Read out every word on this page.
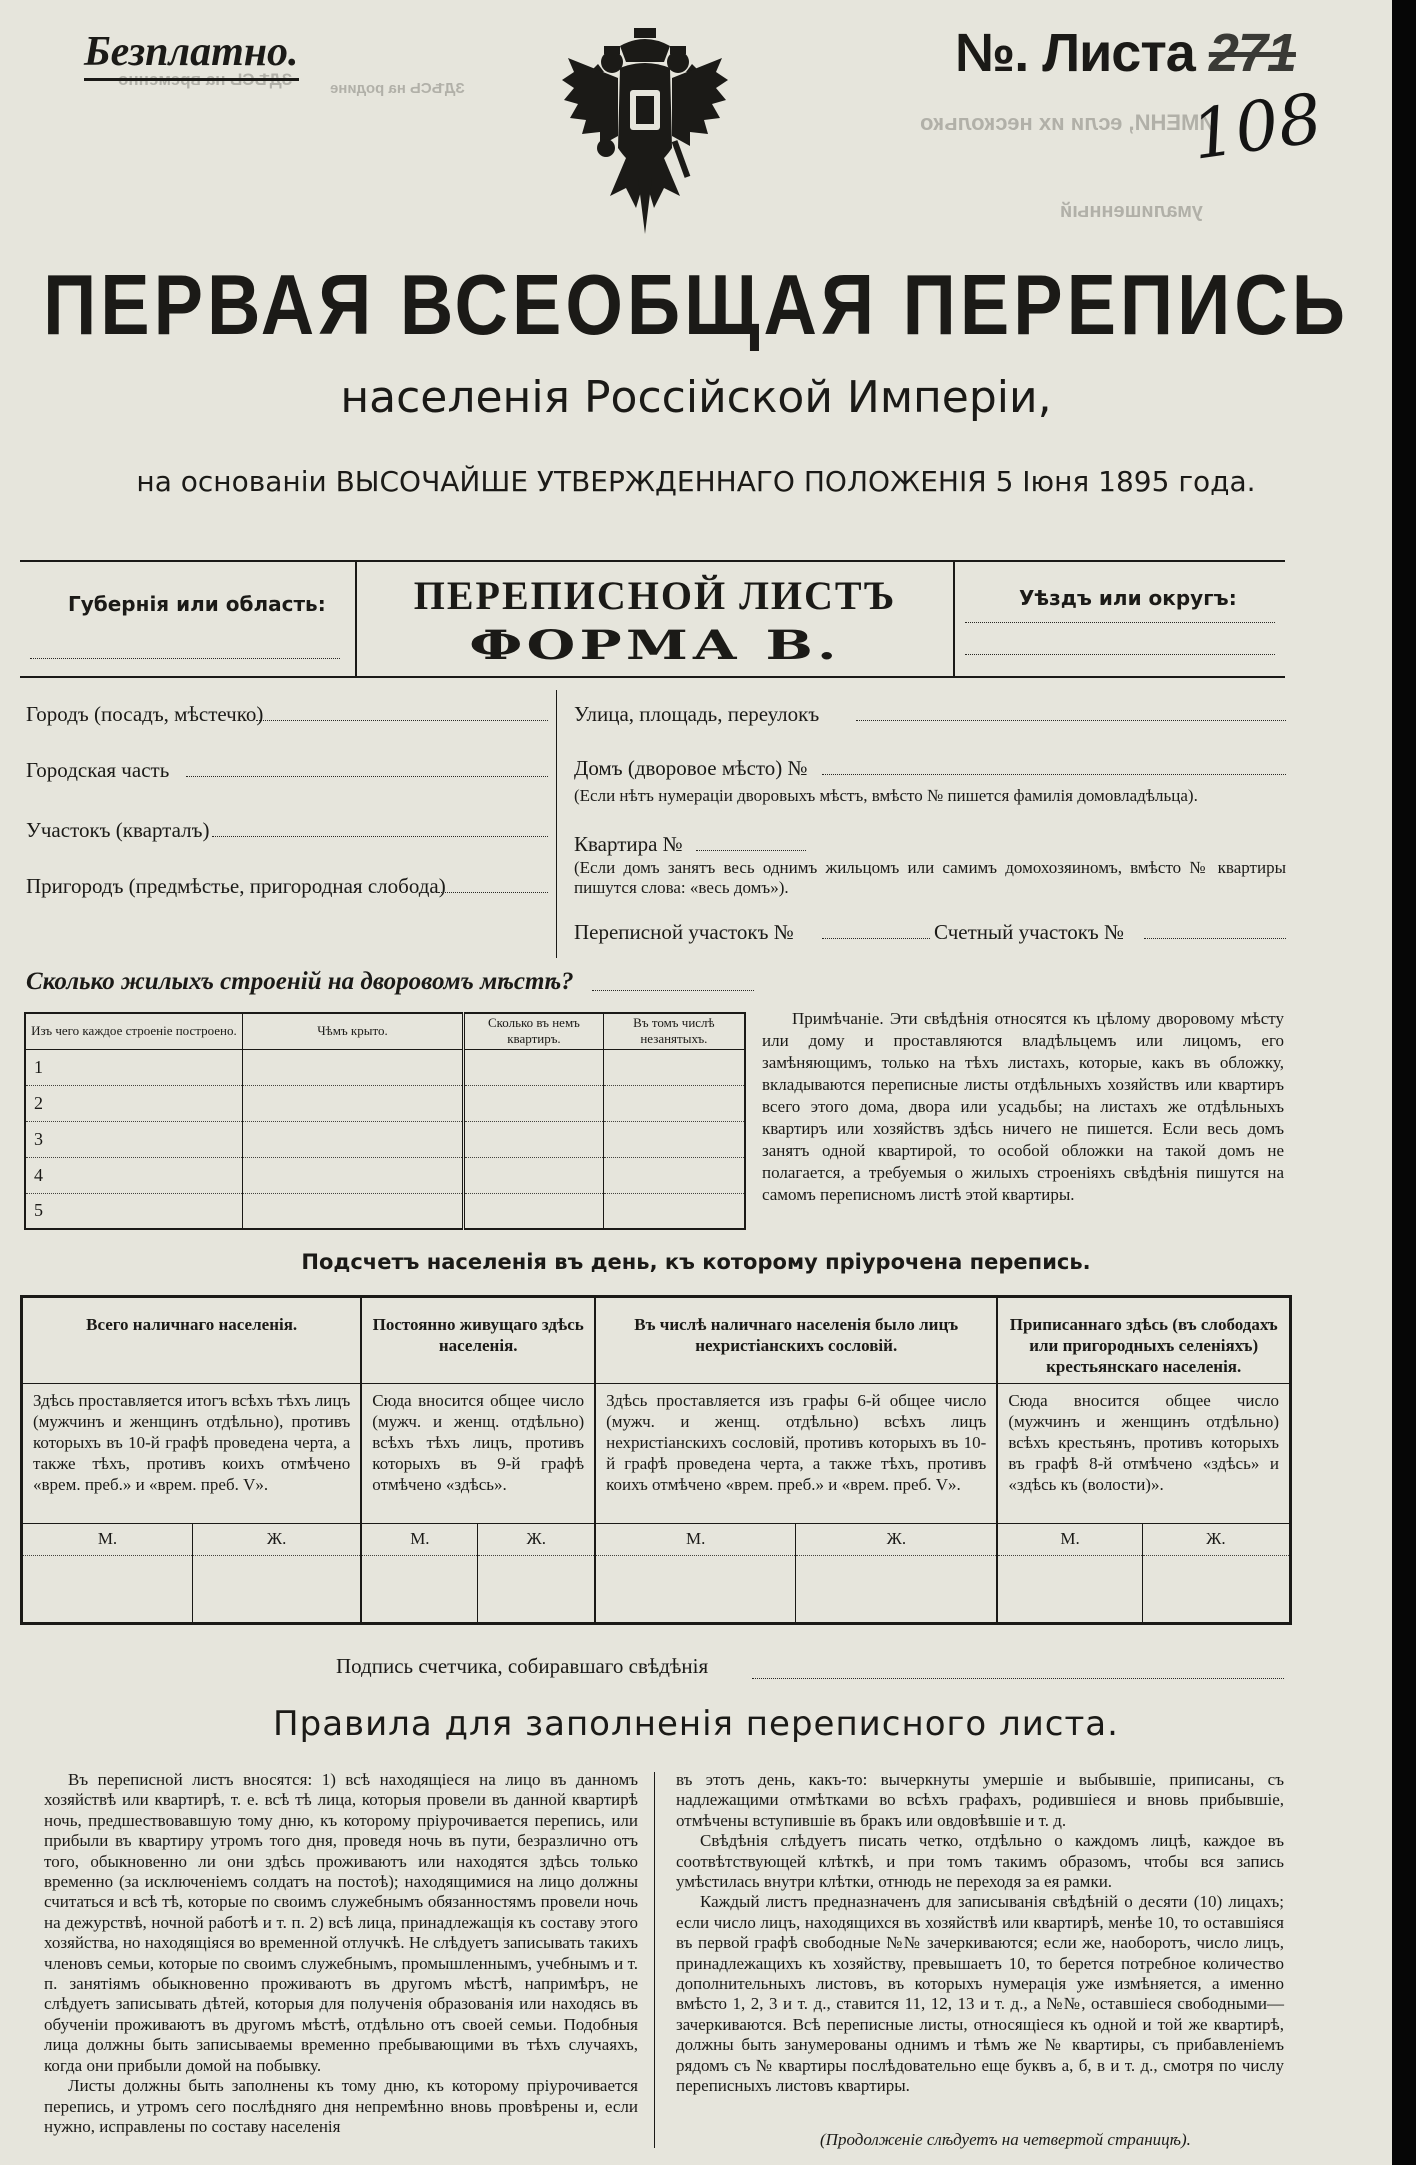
ЗДѢСЬ на временно	ЗДѢСЬ на родине
ИМЕНИ, если их несколько
умалишенный
Безплатно.	№. Листа 271
108
ПЕРВАЯ ВСЕОБЩАЯ ПЕРЕПИСЬ
населенія Россійской Имперіи,
на основаніи ВЫСОЧАЙШЕ УТВЕРЖДЕННАГО ПОЛОЖЕНІЯ 5 Іюня 1895 года.
Губернія или область:	ПЕРЕПИСНОЙ ЛИСТЪ
ФОРМА В.
Уѣздъ или округъ:
Городъ (посадъ, мѣстечко)
Городская часть
Участокъ (кварталъ)
Пригородъ (предмѣстье, пригородная слобода)
Улица, площадь, переулокъ
Домъ (дворовое мѣсто) №
(Если нѣтъ нумераціи дворовыхъ мѣстъ, вмѣсто № пишется фамилія домовладѣльца).
Квартира №
(Если домъ занятъ весь однимъ жильцомъ или самимъ домохозяиномъ, вмѣсто № квартиры пишутся слова: «весь домъ»).
Переписной участокъ №	Счетный участокъ №
Сколько жилыхъ строеній на дворовомъ мѣстѣ?
Изъ чего каждое строеніе построено.	Чѣмъ крыто.	Сколько въ немъ квартиръ.	Въ томъ числѣ незанятыхъ.
1			
2			
3			
4			
5			
Примѣчаніе. Эти свѣдѣнія относятся къ цѣлому дворовому мѣсту или дому и проставляются владѣльцемъ или лицомъ, его замѣняющимъ, только на тѣхъ листахъ, которые, какъ въ обложку, вкладываются переписные листы отдѣльныхъ хозяйствъ или квартиръ всего этого дома, двора или усадьбы; на листахъ же отдѣльныхъ квартиръ или хозяйствъ здѣсь ничего не пишется. Если весь домъ занятъ одной квартирой, то особой обложки на такой домъ не полагается, а требуемыя о жилыхъ строеніяхъ свѣдѣнія пишутся на самомъ переписномъ листѣ этой квартиры.
Подсчетъ населенія въ день, къ которому пріурочена перепись.
Всего наличнаго населенія.		Постоянно живущаго здѣсь населенія.		Въ числѣ наличнаго населенія было лицъ нехристіанскихъ сословій.		Приписаннаго здѣсь (въ слободахъ или пригородныхъ селеніяхъ) крестьянскаго населенія.	
Здѣсь проставляется итогъ всѣхъ тѣхъ лицъ (мужчинъ и женщинъ отдѣльно), противъ которыхъ въ 10-й графѣ проведена черта, а также тѣхъ, противъ коихъ отмѣчено «врем. преб.» и «врем. преб. V».		Сюда вносится общее число (мужч. и женщ. отдѣльно) всѣхъ тѣхъ лицъ, противъ которыхъ въ 9-й графѣ отмѣчено «здѣсь».		Здѣсь проставляется изъ графы 6-й общее число (мужч. и женщ. отдѣльно) всѣхъ лицъ нехристіанскихъ сословій, противъ которыхъ въ 10-й графѣ проведена черта, а также тѣхъ, противъ коихъ отмѣчено «врем. преб.» и «врем. преб. V».		Сюда вносится общее число (мужчинъ и женщинъ отдѣльно) всѣхъ крестьянъ, противъ которыхъ въ графѣ 8-й отмѣчено «здѣсь» и «здѣсь къ (волости)».	
М.	Ж.	М.	Ж.	М.	Ж.	М.	Ж.

Подпись счетчика, собиравшаго свѣдѣнія
Правила для заполненія переписного листа.

Въ переписной листъ вносятся: 1) всѣ находящіеся на лицо въ данномъ хозяйствѣ или квартирѣ, т. е. всѣ тѣ лица, которыя провели въ данной квартирѣ ночь, предшествовавшую тому дню, къ которому пріурочивается перепись, или прибыли въ квартиру утромъ того дня, проведя ночь въ пути, безразлично отъ того, обыкновенно ли они здѣсь проживаютъ или находятся здѣсь только временно (за исключеніемъ солдатъ на постоѣ); находящимися на лицо должны считаться и всѣ тѣ, которые по своимъ служебнымъ обязанностямъ провели ночь на дежурствѣ, ночной работѣ и т. п. 2) всѣ лица, принадлежащія къ составу этого хозяйства, но находящіяся во временной отлучкѣ. Не слѣдуетъ записывать такихъ членовъ семьи, которые по своимъ служебнымъ, промышленнымъ, учебнымъ и т. п. занятіямъ обыкновенно проживаютъ въ другомъ мѣстѣ, напримѣръ, не слѣдуетъ записывать дѣтей, которыя для полученія образованія или находясь въ обученіи проживаютъ въ другомъ мѣстѣ, отдѣльно отъ своей семьи. Подобныя лица должны быть записываемы временно пребывающими въ тѣхъ случаяхъ, когда они прибыли домой на побывку.

Листы должны быть заполнены къ тому дню, къ которому пріурочивается перепись, и утромъ сего послѣдняго дня непремѣнно вновь провѣрены и, если нужно, исправлены по составу населенія

въ этотъ день, какъ-то: вычеркнуты умершіе и выбывшіе, приписаны, съ надлежащими отмѣтками во всѣхъ графахъ, родившіеся и вновь прибывшіе, отмѣчены вступившіе въ бракъ или овдовѣвшіе и т. д.

Свѣдѣнія слѣдуетъ писать четко, отдѣльно о каждомъ лицѣ, каждое въ соотвѣтствующей клѣткѣ, и при томъ такимъ образомъ, чтобы вся запись умѣстилась внутри клѣтки, отнюдь не переходя за ея рамки.

Каждый листъ предназначенъ для записыванія свѣдѣній о десяти (10) лицахъ; если число лицъ, находящихся въ хозяйствѣ или квартирѣ, менѣе 10, то оставшіяся въ первой графѣ свободные №№ зачеркиваются; если же, наоборотъ, число лицъ, принадлежащихъ къ хозяйству, превышаетъ 10, то берется потребное количество дополнительныхъ листовъ, въ которыхъ нумерація уже измѣняется, а именно вмѣсто 1, 2, 3 и т. д., ставится 11, 12, 13 и т. д., а №№, оставшіеся свободными—зачеркиваются. Всѣ переписные листы, относящіеся къ одной и той же квартирѣ, должны быть занумерованы однимъ и тѣмъ же № квартиры, съ прибавленіемъ рядомъ съ № квартиры послѣдовательно еще буквъ а, б, в и т. д., смотря по числу переписныхъ листовъ квартиры.

(Продолженіе слѣдуетъ на четвертой страницѣ).
